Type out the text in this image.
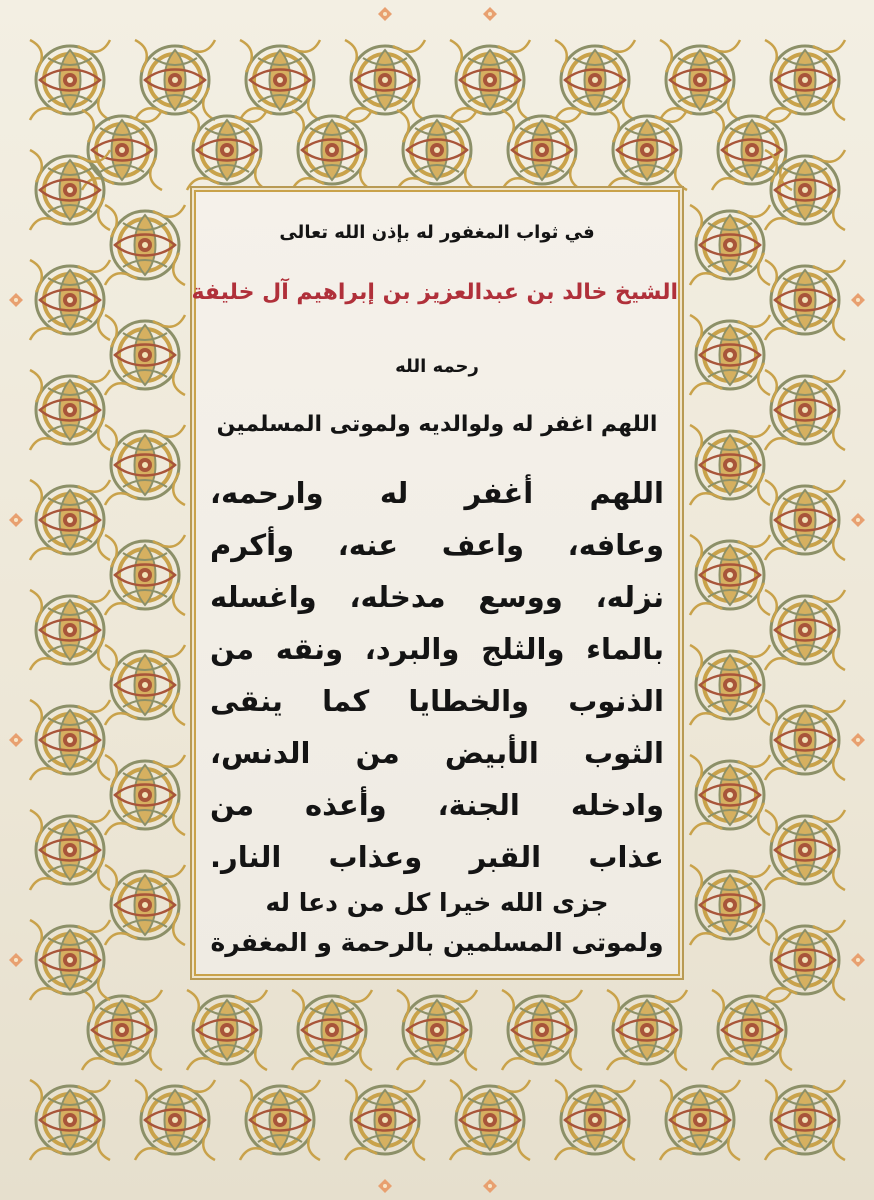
في ثواب المغفور له بإذن الله تعالى
الشيخ خالد بن عبدالعزيز بن إبراهيم آل خليفة
رحمه الله
اللهم اغفر له ولوالديه ولموتى المسلمين
اللهم أغفر له وارحمه،
وعافه، واعف عنه، وأكرم
نزله، ووسع مدخله، واغسله
بالماء والثلج والبرد، ونقه من
الذنوب والخطايا كما ينقى
الثوب الأبيض من الدنس،
وادخله الجنة، وأعذه من
عذاب القبر وعذاب النار.
جزى الله خيرا كل من دعا له
ولموتى المسلمين بالرحمة و المغفرة
